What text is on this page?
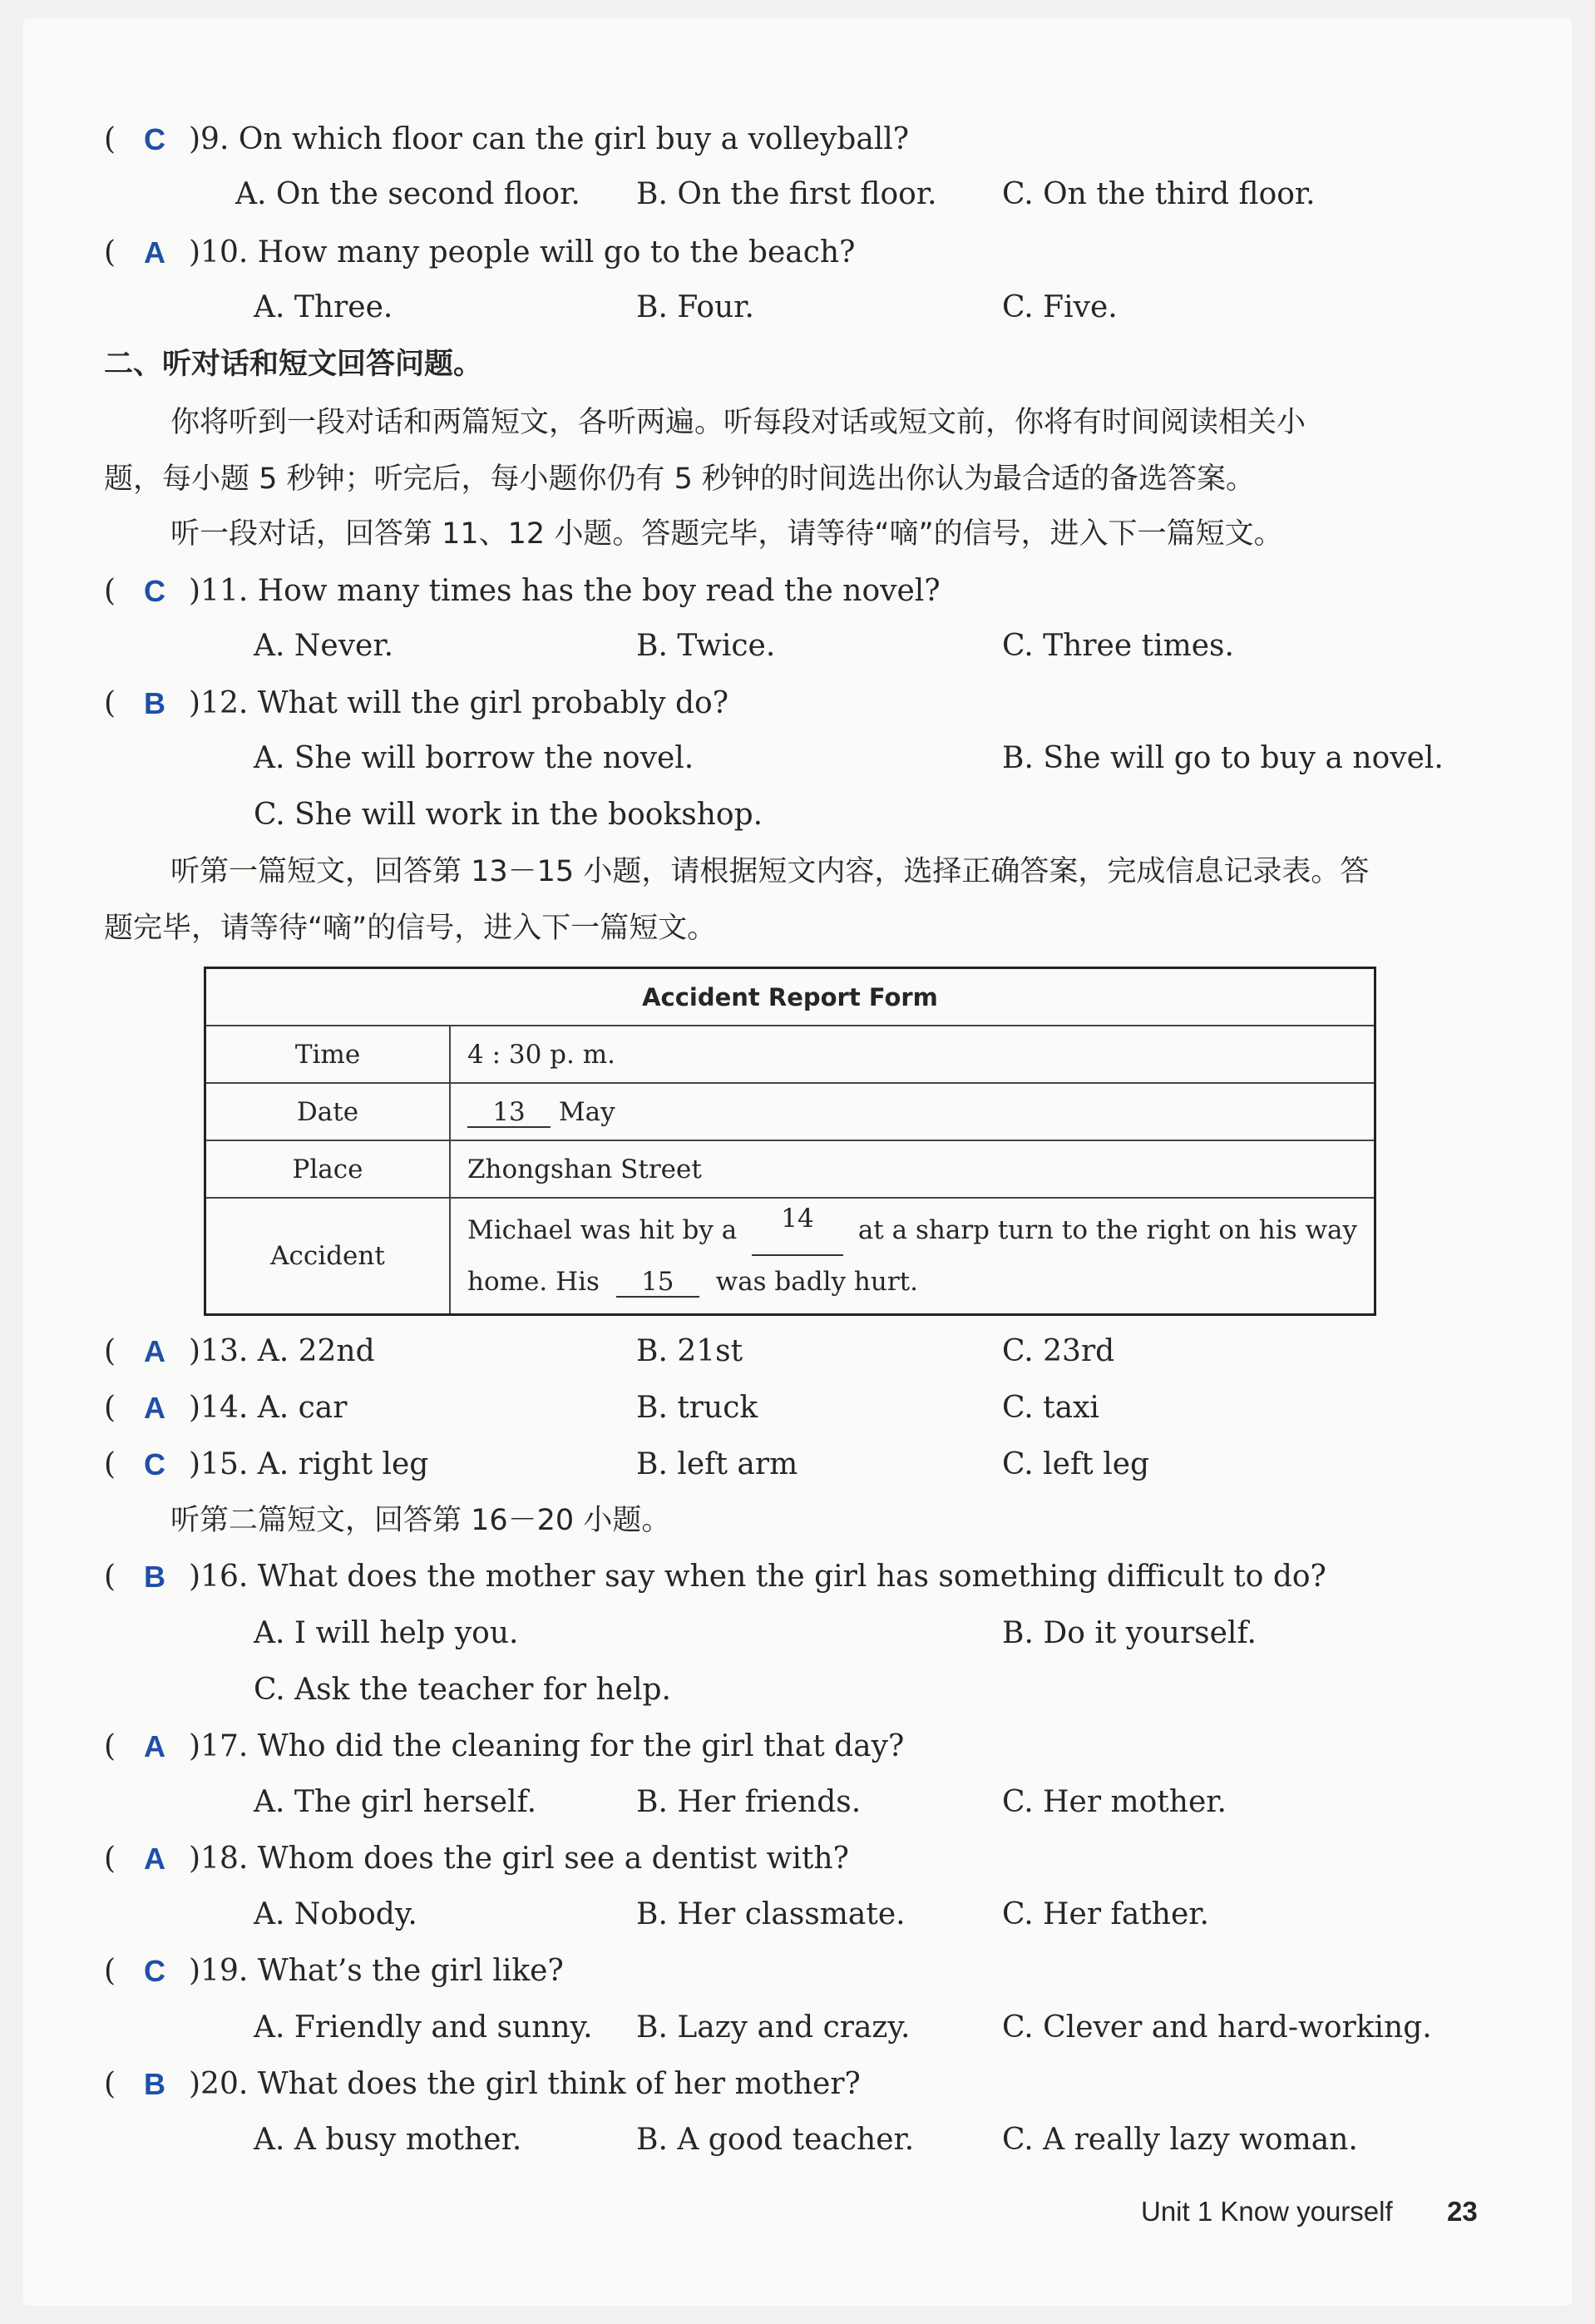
( C )9. On which floor can the girl buy a volleyball?
A. On the second floor. B. On the first floor. C. On the third floor.
( A )10. How many people will go to the beach?
A. Three.	B. Four.	C. Five.
二、听对话和短文回答问题。
你将听到一段对话和两篇短文，各听两遍。听每段对话或短文前，你将有时间阅读相关小
题，每小题 5 秒钟；听完后，每小题你仍有 5 秒钟的时间选出你认为最合适的备选答案。
听一段对话，回答第 11、12 小题。答题完毕，请等待“嘀”的信号，进入下一篇短文。
( C )11. How many times has the boy read the novel?
A. Never.	B. Twice.	C. Three times.
( B )12. What will the girl probably do?
A. She will borrow the novel.	B. She will go to buy a novel.
C. She will work in the bookshop.
听第一篇短文，回答第 13－15 小题，请根据短文内容，选择正确答案，完成信息记录表。答
题完毕，请等待“嘀”的信号，进入下一篇短文。
Accident Report Form	
Time	4 : 30 p. m.
Date	13 May
Place	Zhongshan Street
Accident	Michael was hit by a 14 at a sharp turn to the right on his way
home. His 15 was badly hurt.
( A )13. A. 22nd	B. 21st	C. 23rd
( A )14. A. car	B. truck	C. taxi
( C )15. A. right leg	B. left arm	C. left leg
听第二篇短文，回答第 16－20 小题。
( B )16. What does the mother say when the girl has something difficult to do?
A. I will help you.	B. Do it yourself.
C. Ask the teacher for help.
( A )17. Who did the cleaning for the girl that day?
A. The girl herself.	B. Her friends.	C. Her mother.
( A )18. Whom does the girl see a dentist with?
A. Nobody.	B. Her classmate.	C. Her father.
( C )19. What’s the girl like?
A. Friendly and sunny. B. Lazy and crazy.	C. Clever and hard-working.
( B )20. What does the girl think of her mother?
A. A busy mother.	B. A good teacher.	C. A really lazy woman.
Unit 1 Know yourself 23
